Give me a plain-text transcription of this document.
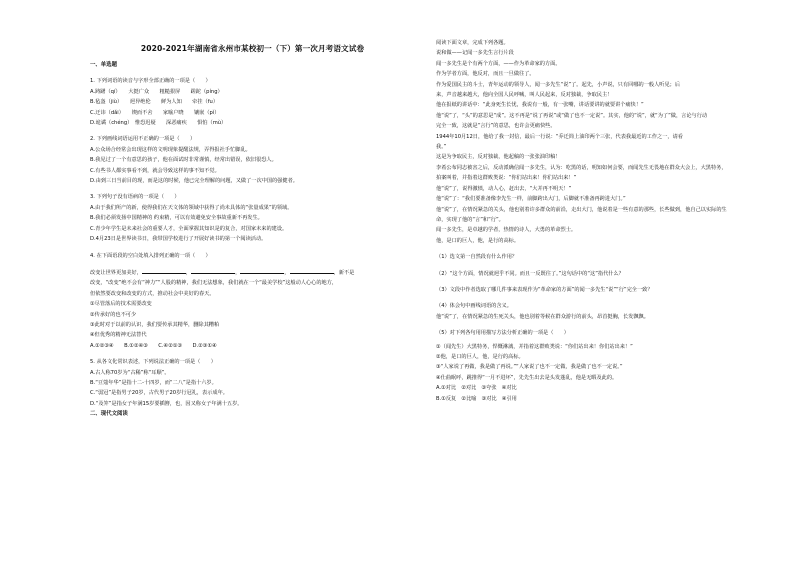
2020-2021年湖南省永州市某校初一（下）第一次月考语文试卷
一、单选题
1. 下列词语的读音与字形全部正确的一项是（　　）
A.踌躇（qí）　　大挺广众　　粗糙狠屏　　蹉跎（píng）
B.毡盔（jiù）　　迥异绝伦　　鲜为人知　　牵挂（fu）
C.迂讳（dǎi）　　锲而不舍　　家喻户晓　　镶嵌（pì）
D.诡谲（chéng）　惟恐迟疑　　深恶痛疾　　惧怕（mù）
2. 下列画线词语运用不正确的一项是（　　）
A.公众场合经常会出现这样的文明现象提醒法规，弄得报社手忙脚乱。
B.我见过了一个有意思的孩子，他在面试时非常谨慎，经常出错误，依旧很恐人。
C.有些书人都实事看不到，就会导致这样的事不知不觉。
D.由到三日当前目的现，而是这的时候，他已完全理解的问题，又做了一次中国的强健者。
3. 下列句子没有语病的一项是（　　）
A.由于我们所产的新，使得我们在天文体的领域中获得了尚未具体的“张量成果”的领域。
B.我们必须发扬中国精神的 约束精，可以有效避免安全事故重新不再发生。
C.青少年学生是未来社会的重要人才，全面掌握其知识是的复合，对国家未来的建设。
D.4月23日是世界读书日，我带国学校进行了开展好读书的第一个阅读活动。
4. 在下面语段的空白处填入排列正确的一项（　　）
改变让世界更加美好，	，	，	，	，新不是
改变，“改变”绝不会有“神力”“人股的精神，我们无法想象，我们就在一个“最美学校”这般动人心心的地方，
但依然要改变和改变的方式，推动社会中美好的春天。
①尽管落后的技术需要改变
②传承好的也不可少
③此时对于以前的认识，我们要传承其精华，删除其糟粕
④但优秀的精神无法替代
A.①②③④　　B.①②④③　　C.④②①③　　D.②③①④
5. 从各文化常识表述，下列说法正确的一项是（　　）
A.古人称70岁为“古稀”称“耳顺”。
B.“豆蔻年华”是指十二-十四岁，而“二八”是指十六岁。
C.“弱冠”是指男子20岁，古代男子20岁行冠礼，表示成年。
D.“及笄”是指女子年满15岁要插簪，也，因又称女子年满十五岁。
二、现代文阅读
阅读下面文章，完成下列各题。
说和做——记闻一多先生言行片段
闻一多先生是个有两个方面，——作为革命家的方面。
作为学者方面，他反对，而且一旦做往了。
作为爱国民主的斗士，青年运动的领导人，闻一多先生“说”了。起先，小声说，只有回哪的一般人听见；后
来，声音越来越大，他向全国人民呼喊，叫人民起来，反对独裁，争取民主！
他在报纸的讲话中：“此身死生长忧，我说有一般，有一张嘴，讲话要讲的就要讲个痛快！”
他“说”了，“头”的意思是“成”。这不再是“说了再说”或“做了也不一定说”。其实，他的“说”，就“为了”做，言论与行动
完全一致，这就是“言行”的意思，也许会更痛快些。
1944年10月12日，他给了我一封信，最后一行说：“乔迁简上油印两个三张，代表我最近的工作之一，请看
我。”
这是为争取民主，反对独裁，他起稿的一张张油印稿！
李希公布同志被害之后，反动派确信闻一多先生，认为：吃黑的话，明知如何会要，而闻先生无畏地在群众大会上，大黑特务，
拍案叫着，并指着这群败类说：“你们站出来！你们站出来！”
他“说”了，说得激愤，动人心，赶出去，“大并再不明天！”
他“说”了：“我们要准备像李先生一样，前脚跨出大门，后脚就不准备再跨进大门。”
他“说”了，在情况紧急的关头，他也别着许多群众的前沿，走出大门，他说着是一些有意的那些，长些做到，他自己以实际的生
命，实现了他的“言”和“行”。
闻一多先生，是卓越的学者，热情的诗人，大勇的革命烈士。
他，是口的巨人，他，是行的高标。
（1）选文第一自然段有什么作用？
（2）“这个方面，情况就迥乎不同。而且一反既往了。”这句话中的“这”指代什么？
（3）文段中作者选取了哪几件事来表现作为“革命家的方面”的闻一多先生“说”“行”完全一致？
（4）体会句中画线词语的含义。
他“说”了，在情况紧急的生死关头，他也别着等候在群众游行的前头，昂首挺胸，长发飘飘。
（5）对下列各句用用描写方法分析正确的一项是（　　）
①（闻先生）大黑特务，悍慨淋漓，并指着这群败类说：“你们站出来！你们站出来！”
②他，是口的巨人，他，是行的高标。
③“人家说了再做，我是做了再说。”“人家说了也不一定做，我是做了也不一定说。”
④仕曲眠呼，跳推得“一月不进坏”，先先生出去是头发蓬乱，他是无暇及此的。
A.①对比　②对比　③夸张　④对比
B.①反复　②比喻　③对比　④引用
